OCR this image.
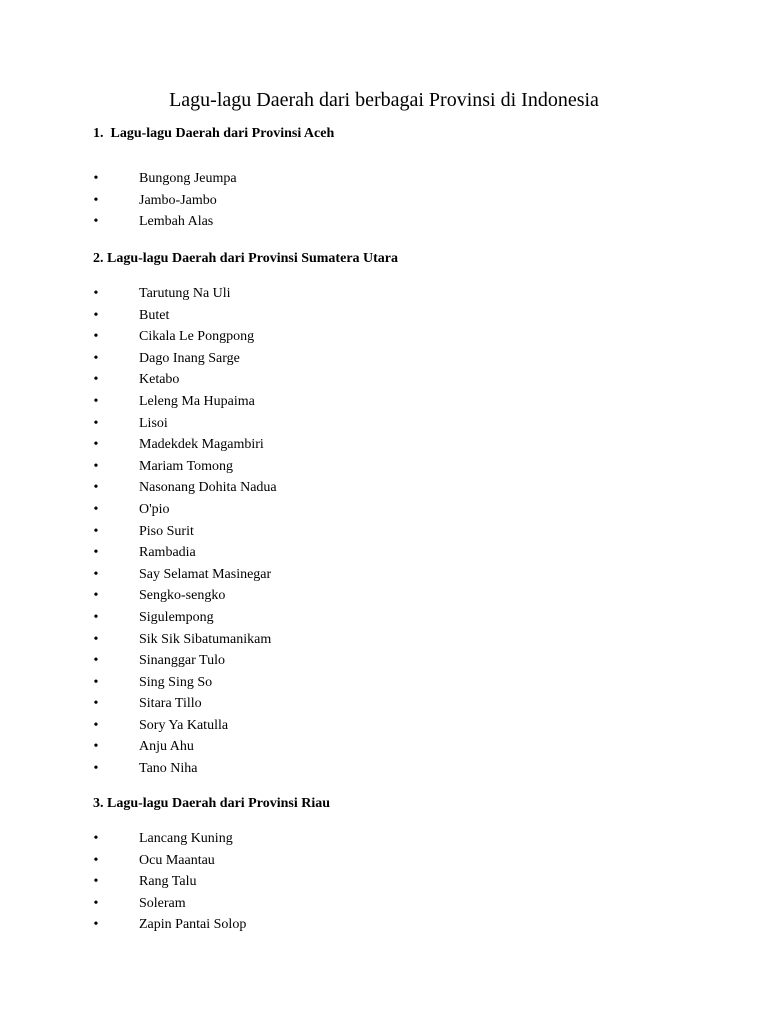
Lagu-lagu Daerah dari berbagai Provinsi di Indonesia
1.  Lagu-lagu Daerah dari Provinsi Aceh
•	Bungong Jeumpa
•	Jambo-Jambo
•	Lembah Alas
2. Lagu-lagu Daerah dari Provinsi Sumatera Utara
•	Tarutung Na Uli
•	Butet
•	Cikala Le Pongpong
•	Dago Inang Sarge
•	Ketabo
•	Leleng Ma Hupaima
•	Lisoi
•	Madekdek Magambiri
•	Mariam Tomong
•	Nasonang Dohita Nadua
•	O'pio
•	Piso Surit
•	Rambadia
•	Say Selamat Masinegar
•	Sengko-sengko
•	Sigulempong
•	Sik Sik Sibatumanikam
•	Sinanggar Tulo
•	Sing Sing So
•	Sitara Tillo
•	Sory Ya Katulla
•	Anju Ahu
•	Tano Niha
3. Lagu-lagu Daerah dari Provinsi Riau
•	Lancang Kuning
•	Ocu Maantau
•	Rang Talu
•	Soleram
•	Zapin Pantai Solop
